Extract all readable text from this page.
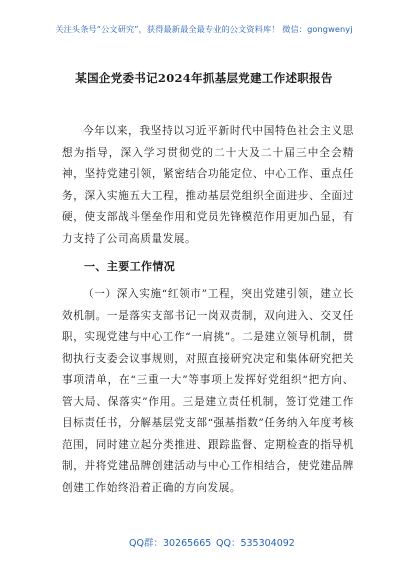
关注头条号“公文研究”，获得最新最全最专业的公文资料库！ 微信：gongwenyj
某国企党委书记2024年抓基层党建工作述职报告
今年以来，我坚持以习近平新时代中国特色社会主义思想为指导，深入学习贯彻党的二十大及二十届三中全会精神，坚持党建引领，紧密结合功能定位、中心工作、重点任务，深入实施五大工程，推动基层党组织全面进步、全面过硬，使支部战斗堡垒作用和党员先锋模范作用更加凸显，有力支持了公司高质量发展。
一、主要工作情况
（一）深入实施“红领市”工程，突出党建引领，建立长效机制。一是落实支部书记一岗双责制，双向进入、交叉任职，实现党建与中心工作“一肩挑”。二是建立领导机制，贯彻执行支委会议事规则，对照直接研究决定和集体研究把关事项清单，在“三重一大”等事项上发挥好党组织“把方向、管大局、保落实”作用。三是建立责任机制，签订党建工作目标责任书，分解基层党支部“强基指数”任务纳入年度考核范围，同时建立起分类推进、跟踪监督、定期检查的指导机制，并将党建品牌创建活动与中心工作相结合，使党建品牌创建工作始终沿着正确的方向发展。
QQ群：30265665 QQ：535304092
